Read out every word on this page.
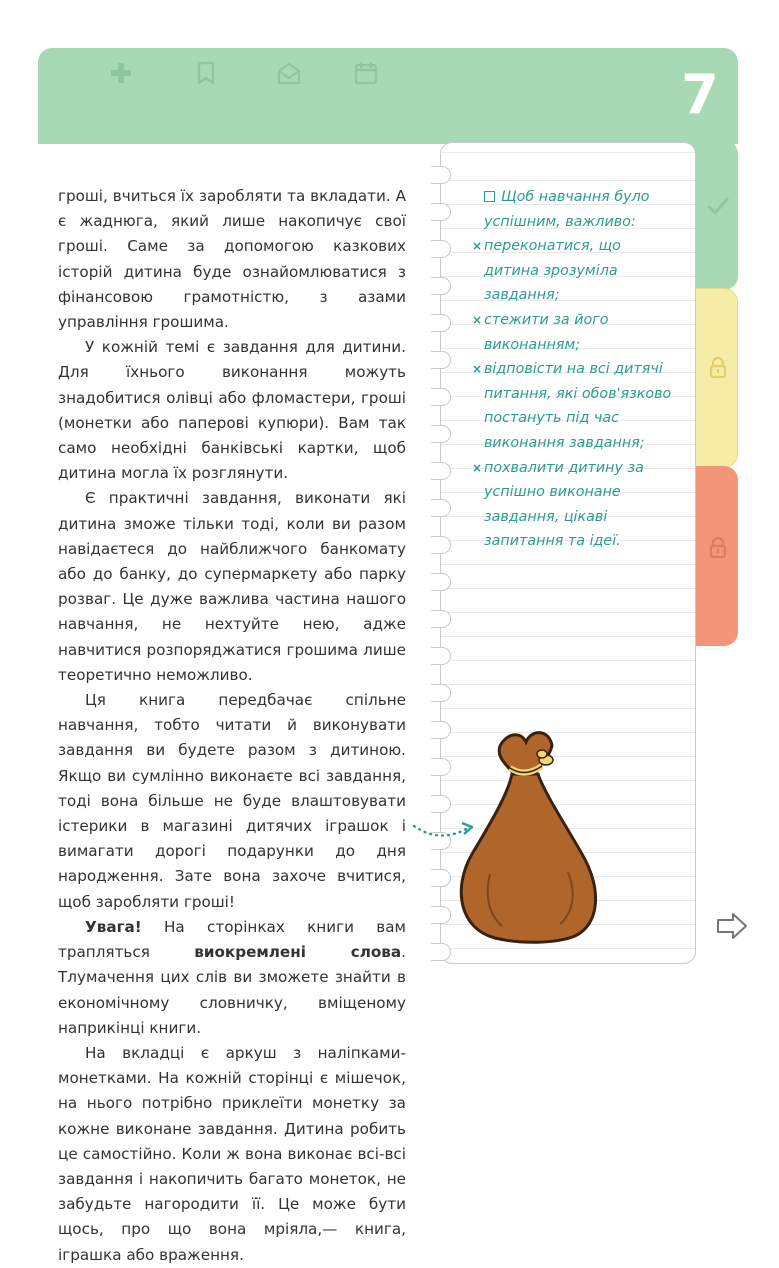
7

гроші, вчиться їх заробляти та вкладати. А є жаднюга, який лише накопичує свої гроші. Саме за допомогою казкових історій дитина буде ознайомлюватися з фінансовою грамотністю, з азами управління грошима.

У кожній темі є завдання для дитини. Для їхнього виконання можуть знадобитися олівці або фломастери, гроші (монетки або паперові купюри). Вам так само необхідні банківські картки, щоб дитина могла їх розглянути.

Є практичні завдання, виконати які дитина зможе тільки тоді, коли ви разом навідаєтеся до найближчого банкомату або до банку, до супермаркету або парку розваг. Це дуже важлива частина нашого навчання, не нехтуйте нею, адже навчитися розпоряджатися грошима лише теоретично неможливо.

Ця книга передбачає спільне навчання, тобто читати й виконувати завдання ви будете разом з дитиною. Якщо ви сумлінно виконаєте всі завдання, тоді вона більше не буде влаштовувати істерики в магазині дитячих іграшок і вимагати дорогі подарунки до дня народження. Зате вона захоче вчитися, щоб заробляти гроші!

Увага! На сторінках книги вам трапляться виокремлені слова. Тлумачення цих слів ви зможете знайти в економічному словничку, вміщеному наприкінці книги.

На вкладці є аркуш з наліпками-монетками. На кожній сторінці є мішечок, на нього потрібно приклеїти монетку за кожне виконане завдання. Дитина робить це самостійно. Коли ж вона виконає всі-всі завдання і накопичить багато монеток, не забудьте нагородити її. Це може бути щось, про що вона мріяла,— книга, іграшка або враження.

Щоб навчання було успішним, важливо:
× переконатися, що дитина зрозуміла завдання;
× стежити за його виконанням;
× відповісти на всі дитячі питання, які обов'язково постануть під час виконання завдання;
× похвалити дитину за успішно виконане завдання, цікаві запитання та ідеї.
